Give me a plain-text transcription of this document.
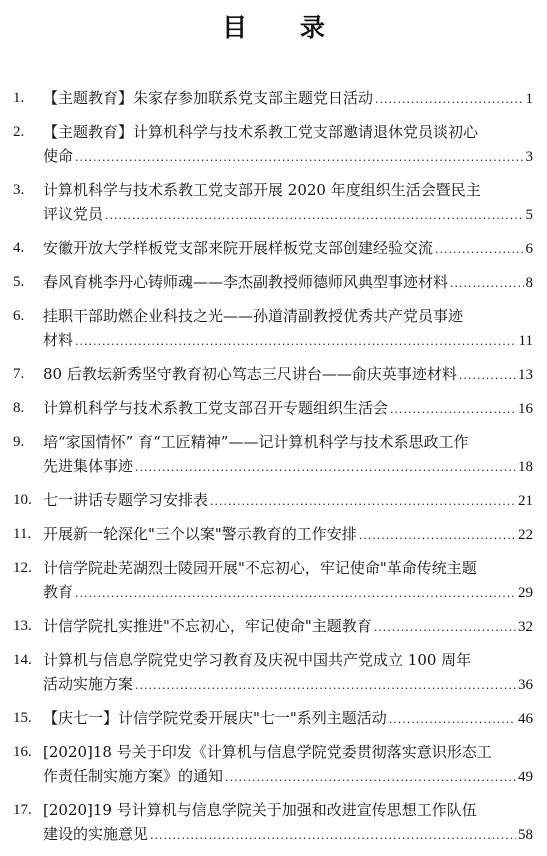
目 录
1. 【主题教育】朱家存参加联系党支部主题党日活动 .....	1
2. 【主题教育】计算机科学与技术系教工党支部邀请退休党员谈初心
使命 .....	3
3. 计算机科学与技术系教工党支部开展 2020 年度组织生活会暨民主
评议党员 .....	5
4. 安徽开放大学样板党支部来院开展样板党支部创建经验交流 .....	6
5. 春风育桃李丹心铸师魂——李杰副教授师德师风典型事迹材料 .....	8
6. 挂职干部助燃企业科技之光——孙道清副教授优秀共产党员事迹
材料 .....	11
7. 80 后教坛新秀坚守教育初心笃志三尺讲台——俞庆英事迹材料 .....	13
8. 计算机科学与技术系教工党支部召开专题组织生活会 .....	16
9. 培“家国情怀” 育“工匠精神”——记计算机科学与技术系思政工作
先进集体事迹 .....	18
10. 七一讲话专题学习安排表 .....	21
11. 开展新一轮深化"三个以案"警示教育的工作安排 .....	22
12. 计信学院赴芜湖烈士陵园开展"不忘初心，牢记使命"革命传统主题
教育 .....	29
13. 计信学院扎实推进"不忘初心，牢记使命"主题教育 .....	32
14. 计算机与信息学院党史学习教育及庆祝中国共产党成立 100 周年
活动实施方案 .....	36
15. 【庆七一】计信学院党委开展庆"七一"系列主题活动 .....	46
16. [2020]18 号关于印发《计算机与信息学院党委贯彻落实意识形态工
作责任制实施方案》的通知 .....	49
17. [2020]19 号计算机与信息学院关于加强和改进宣传思想工作队伍
建设的实施意见 .....	58
